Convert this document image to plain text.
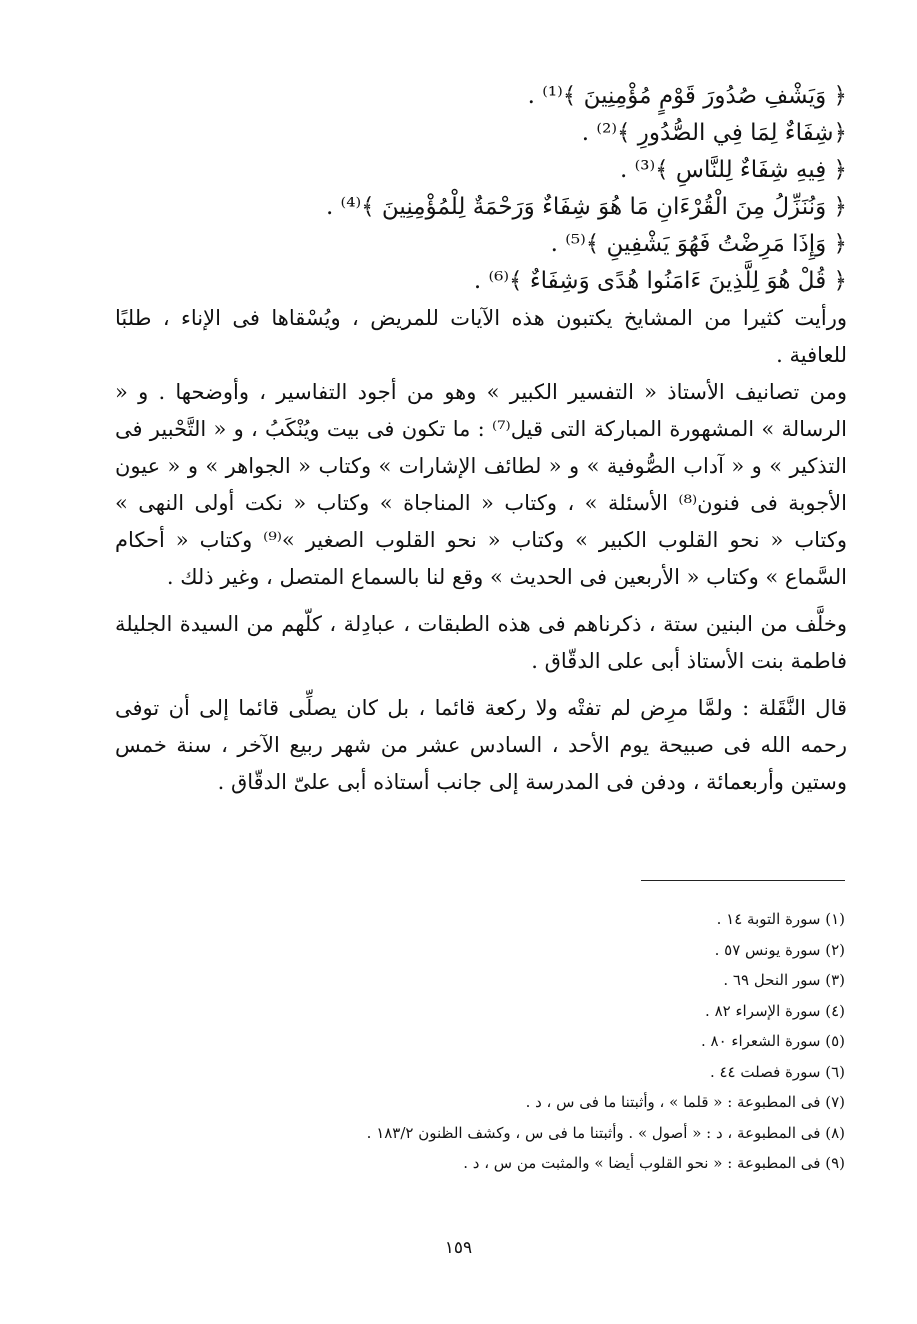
﴿ وَيَشْفِ صُدُورَ قَوْمٍ مُؤْمِنِينَ ﴾⁽¹⁾ .
﴿شِفَاءٌ لِمَا فِي الصُّدُورِ ﴾⁽²⁾ .
﴿ فِيهِ شِفَاءٌ لِلنَّاسِ ﴾⁽³⁾ .
﴿ وَنُنَزِّلُ مِنَ الْقُرْءَانِ مَا هُوَ شِفَاءٌ وَرَحْمَةٌ لِلْمُؤْمِنِينَ ﴾⁽⁴⁾ .
﴿ وَإِذَا مَرِضْتُ فَهُوَ يَشْفِينِ ﴾⁽⁵⁾ .
﴿ قُلْ هُوَ لِلَّذِينَ ءَامَنُوا هُدًى وَشِفَاءٌ ﴾⁽⁶⁾ .

ورأيت كثيرا من المشايخ يكتبون هذه الآيات للمريض ، ويُسْقاها فى الإناء ، طلبًا للعافية .

ومن تصانيف الأستاذ « التفسير الكبير » وهو من أجود التفاسير ، وأوضحها . و « الرسالة » المشهورة المباركة التى قيل⁽⁷⁾ : ما تكون فى بيت ويُنْكَبُ ، و « التَّحْبير فى التذكير » و « آداب الصُّوفية » و « لطائف الإشارات » وكتاب « الجواهر » و « عيون الأجوبة فى فنون⁽⁸⁾ الأسئلة » ، وكتاب « المناجاة » وكتاب « نكت أولى النهى » وكتاب « نحو القلوب الكبير » وكتاب « نحو القلوب الصغير »⁽⁹⁾ وكتاب « أحكام السَّماع » وكتاب « الأربعين فى الحديث » وقع لنا بالسماع المتصل ، وغير ذلك .

وخلَّف من البنين ستة ، ذكرناهم فى هذه الطبقات ، عبادِلة ، كلّهم من السيدة الجليلة فاطمة بنت الأستاذ أبى على الدقّاق .

قال النَّقَلة : ولمَّا مرِض لم تفتْه ولا ركعة قائما ، بل كان يصلِّى قائما إلى أن توفى رحمه الله فى صبيحة يوم الأحد ، السادس عشر من شهر ربيع الآخر ، سنة خمس وستين وأربعمائة ، ودفن فى المدرسة إلى جانب أستاذه أبى علىّ الدقّاق .

(١) سورة التوبة ١٤ .
(٢) سورة يونس ٥٧ .
(٣) سور النحل ٦٩ .
(٤) سورة الإسراء ٨٢ .
(٥) سورة الشعراء ٨٠ .
(٦) سورة فصلت ٤٤ .
(٧) فى المطبوعة : « قلما » ، وأثبتنا ما فى س ، د .
(٨) فى المطبوعة ، د : « أصول » . وأثبتنا ما فى س ، وكشف الظنون ١٨٣/٢ .
(٩) فى المطبوعة : « نحو القلوب أيضا » والمثبت من س ، د .
١٥٩
